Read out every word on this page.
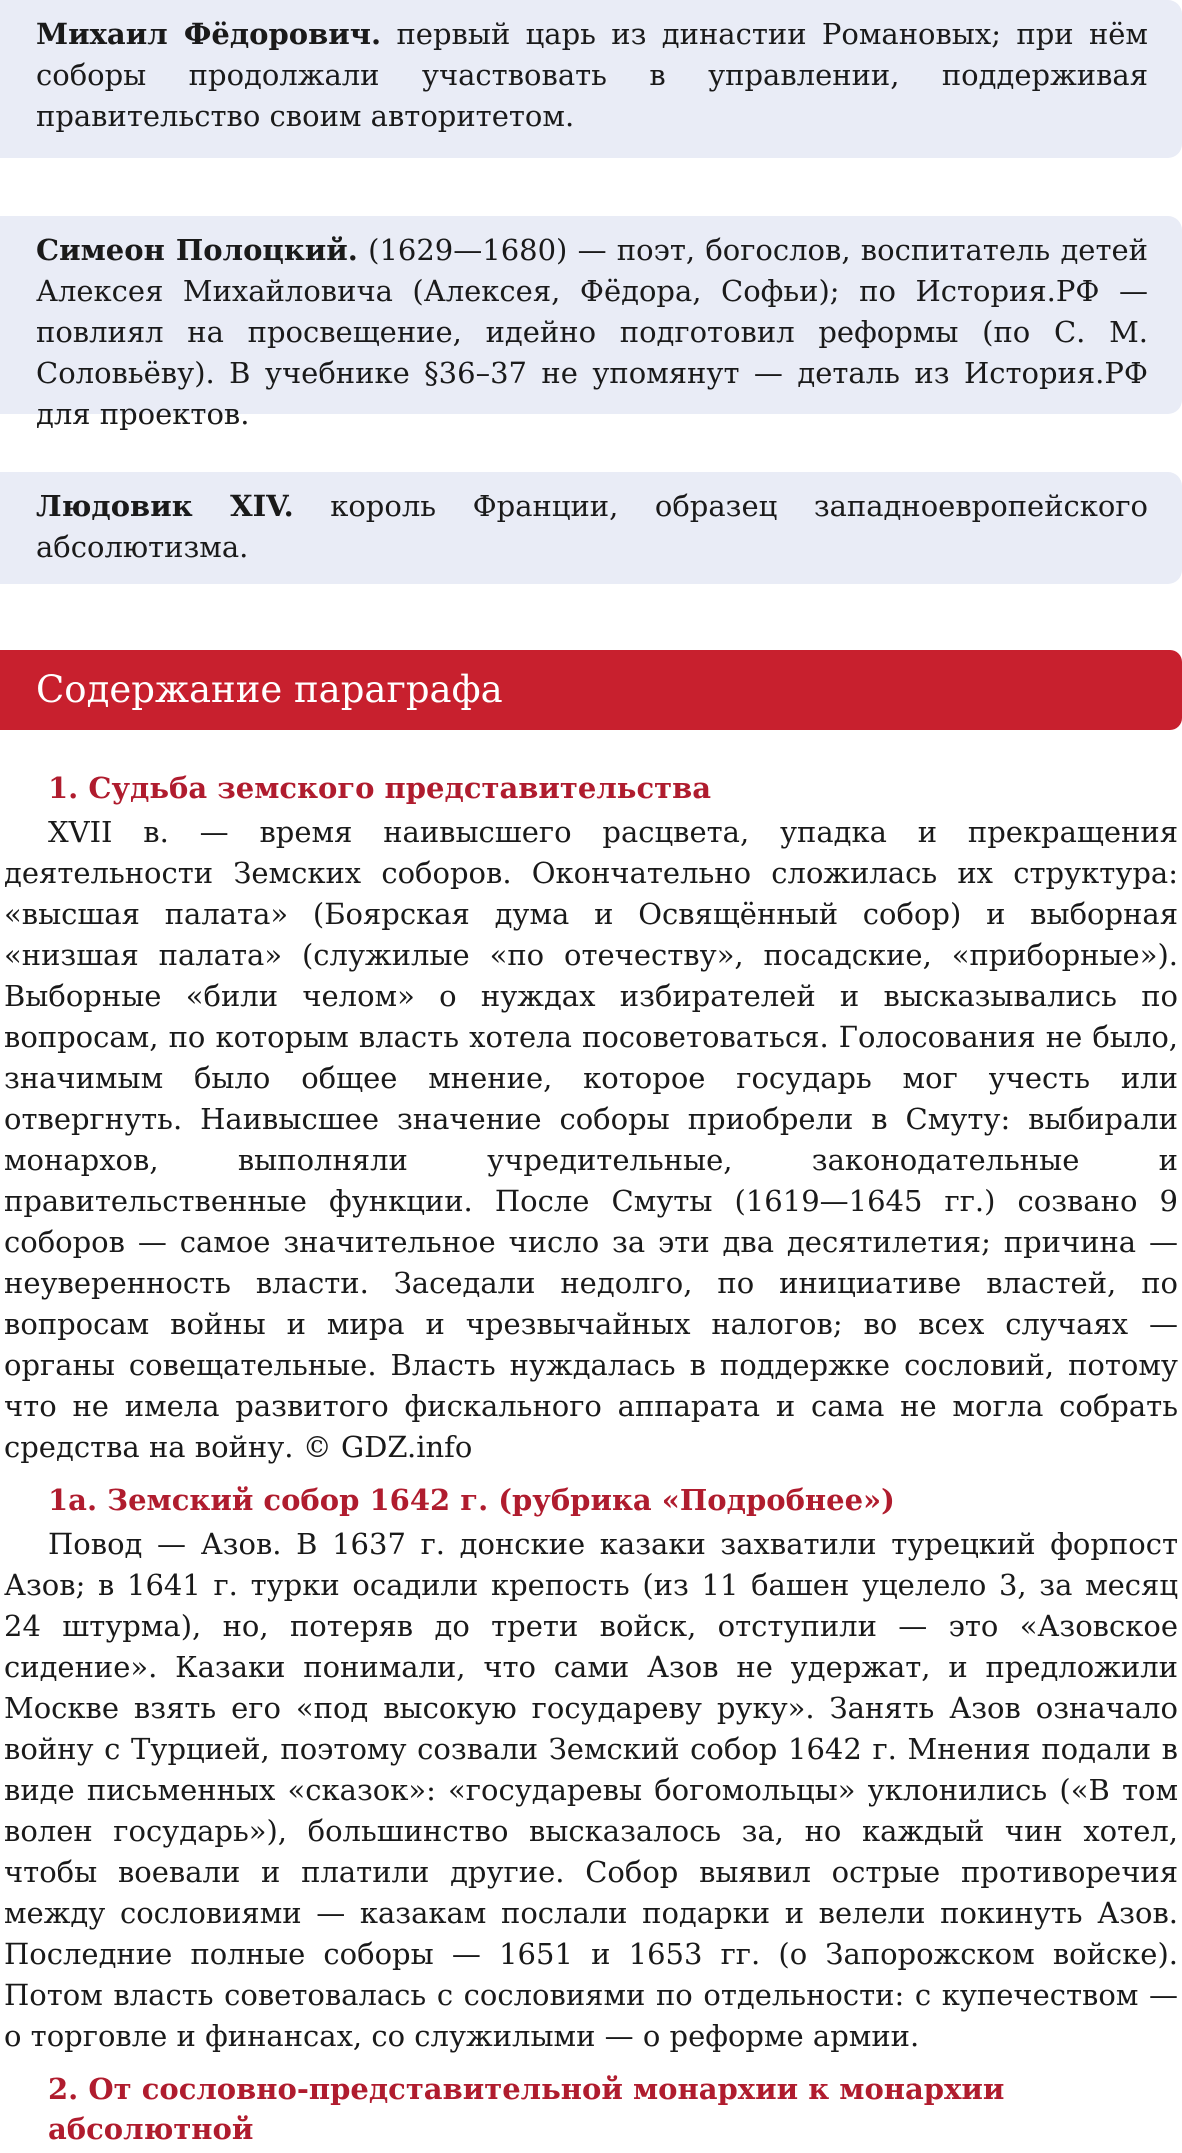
Михаил Фёдорович. первый царь из династии Романовых; при нём соборы продолжали участвовать в управлении, поддерживая правительство своим авторитетом.
Симеон Полоцкий. (1629—1680) — поэт, богослов, воспитатель детей Алексея Михайловича (Алексея, Фёдора, Софьи); по История.РФ — повлиял на просвещение, идейно подготовил реформы (по С. М. Соловьёву). В учебнике §36–37 не упомянут — деталь из История.РФ для проектов.
Людовик XIV. король Франции, образец западноевропейского абсолютизма.
Содержание параграфа
1. Судьба земского представительства

XVII в. — время наивысшего расцвета, упадка и прекращения деятельности Земских соборов. Окончательно сложилась их структура: «высшая палата» (Боярская дума и Освящённый собор) и выборная «низшая палата» (служилые «по отечеству», посадские, «приборные»). Выборные «били челом» о нуждах избирателей и высказывались по вопросам, по которым власть хотела посоветоваться. Голосования не было, значимым было общее мнение, которое государь мог учесть или отвергнуть. Наивысшее значение соборы приобрели в Смуту: выбирали монархов, выполняли учредительные, законодательные и правительственные функции. После Смуты (1619—1645 гг.) созвано 9 соборов — самое значительное число за эти два десятилетия; причина — неуверенность власти. Заседали недолго, по инициативе властей, по вопросам войны и мира и чрезвычайных налогов; во всех случаях — органы совещательные. Власть нуждалась в поддержке сословий, потому что не имела развитого фискального аппарата и сама не могла собрать средства на войну. © GDZ.info

1а. Земский собор 1642 г. (рубрика «Подробнее»)

Повод — Азов. В 1637 г. донские казаки захватили турецкий форпост Азов; в 1641 г. турки осадили крепость (из 11 башен уцелело 3, за месяц 24 штурма), но, потеряв до трети войск, отступили — это «Азовское сидение». Казаки понимали, что сами Азов не удержат, и предложили Москве взять его «под высокую государеву руку». Занять Азов означало войну с Турцией, поэтому созвали Земский собор 1642 г. Мнения подали в виде письменных «сказок»: «государевы богомольцы» уклонились («В том волен государь»), большинство высказалось за, но каждый чин хотел, чтобы воевали и платили другие. Собор выявил острые противоречия между сословиями — казакам послали подарки и велели покинуть Азов. Последние полные соборы — 1651 и 1653 гг. (о Запорожском войске). Потом власть советовалась с сословиями по отдельности: с купечеством — о торговле и финансах, со служилыми — о реформе армии.

2. От сословно-представительной монархии к монархии абсолютной
